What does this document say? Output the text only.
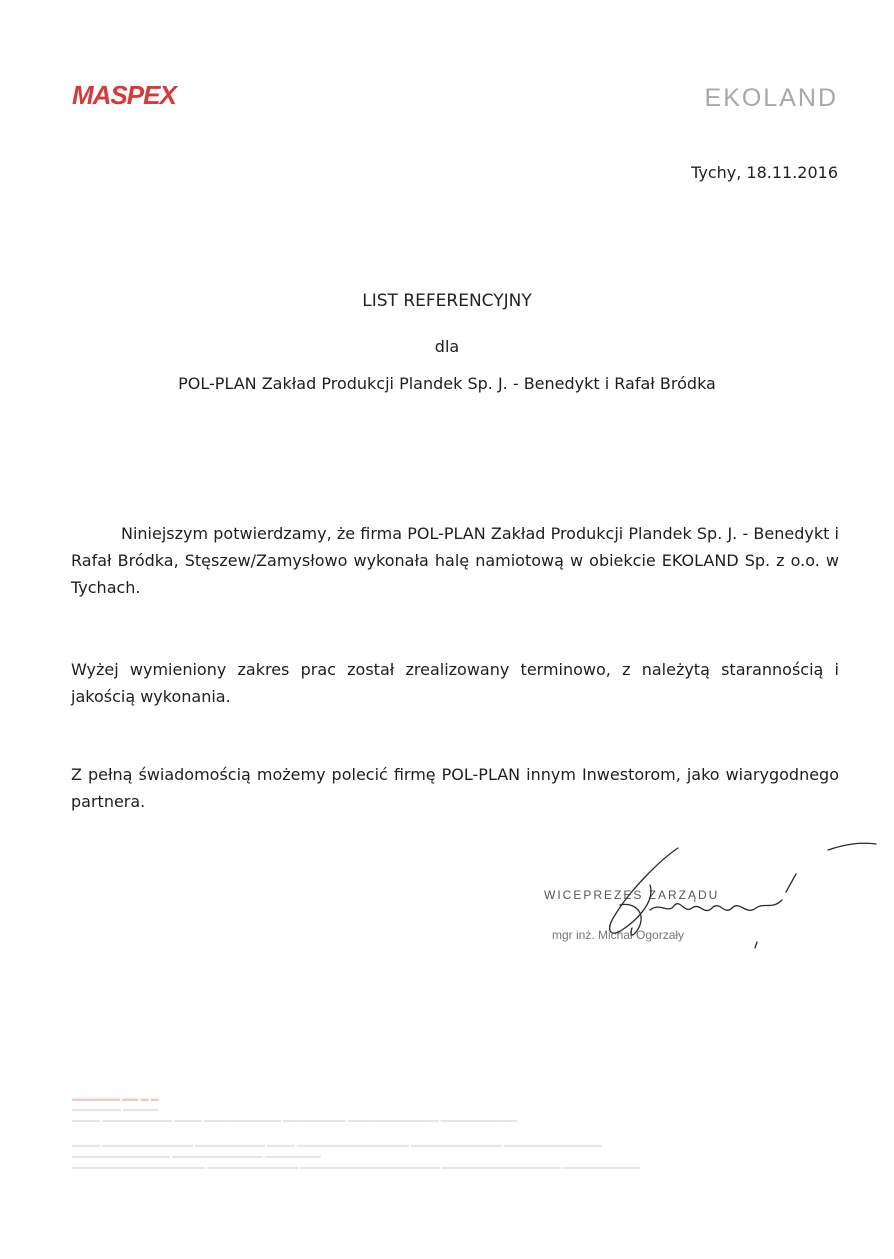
MASPEX	EKOLAND
Tychy, 18.11.2016
LIST REFERENCYJNY
dla
POL-PLAN Zakład Produkcji Plandek Sp. J. - Benedykt i Rafał Bródka
Niniejszym potwierdzamy, że firma POL-PLAN Zakład Produkcji Plandek Sp. J. - Benedykt i Rafał Bródka, Stęszew/Zamysłowo wykonała halę namiotową w obiekcie EKOLAND Sp. z o.o. w Tychach.
Wyżej wymieniony zakres prac został zrealizowany terminowo, z należytą starannością i jakością wykonania.
Z pełną świadomością możemy polecić firmę POL-PLAN innym Inwestorom, jako wiarygodnego partnera.
WICEPREZES ZARZĄDU
mgr inż. Michał Ogorzały
▬▬▬▬▬▬ ▬▬ ▬ ▬
▬▬▬▬▬▬▬ ▬▬▬▬▬
▬▬▬▬ ▬▬▬▬▬▬▬▬▬▬ ▬▬▬▬ ▬▬▬▬▬▬▬▬▬▬▬ ▬▬▬▬▬▬▬▬▬ ▬▬▬▬▬▬▬▬▬▬▬▬▬ ▬▬▬▬▬▬▬▬▬▬▬
▬▬▬▬ ▬▬▬▬▬▬▬▬▬▬▬▬▬ ▬▬▬▬▬▬▬▬▬▬ ▬▬▬▬ ▬▬▬▬▬▬▬▬▬▬▬▬▬▬▬▬ ▬▬▬▬▬▬▬▬▬▬▬▬▬ ▬▬▬▬▬▬▬▬▬▬▬▬▬▬
▬▬▬▬▬▬▬▬▬▬▬▬▬▬ ▬▬▬▬▬▬▬▬▬▬▬▬▬ ▬▬▬▬▬▬▬▬
▬▬▬▬▬▬▬▬▬▬▬▬▬▬▬▬▬▬▬ ▬▬▬▬▬▬▬▬▬▬▬▬▬ ▬▬▬▬▬▬▬▬▬▬▬▬▬▬▬▬▬▬▬▬ ▬▬▬▬▬▬▬▬▬▬▬▬▬▬▬▬▬ ▬▬▬▬▬▬▬▬▬▬▬
